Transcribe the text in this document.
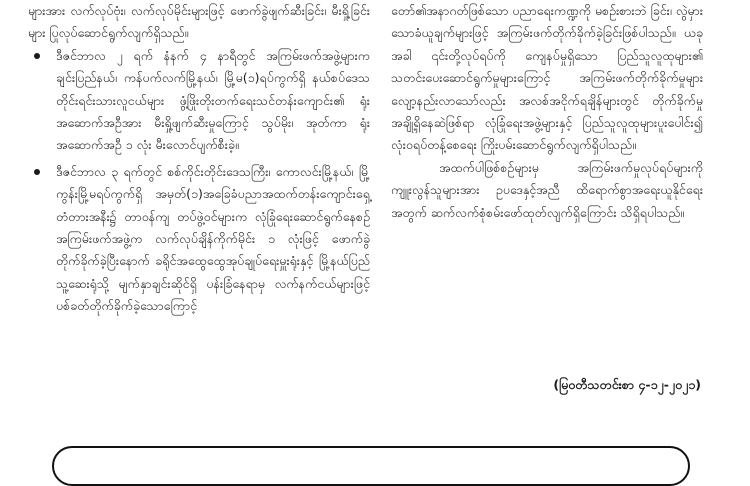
များအား လက်လုပ်ဗုံး၊ လက်လုပ်မိုင်းများဖြင့် ဖောက်ခွဲဖျက်ဆီးခြင်း၊ မီးရှို့ခြင်းများ ပြုလုပ်ဆောင်ရွက်လျက်ရှိသည်။

ဒီဇင်ဘာလ ၂ ရက် နံနက် ၄ နာရီတွင် အကြမ်းဖက်အဖွဲ့များက ချင်းပြည်နယ်၊ ကန်ပက်လက်မြို့နယ်၊ မြို့မ(၁)ရပ်ကွက်ရှိ နယ်စပ်ဒေသတိုင်းရင်းသားလူငယ်များ ဖွံ့ဖြိုးတိုးတက်ရေးသင်တန်းကျောင်း၏ ရုံးအဆောက်အဦအား မီးရှို့ဖျက်ဆီးမှုကြောင့် သွပ်မိုး၊ အုတ်ကာ ရုံးအဆောက်အဦ ၁ လုံး မီးလောင်ပျက်စီးခဲ့။
ဒီဇင်ဘာလ ၃ ရက်တွင် စစ်ကိုင်းတိုင်းဒေသကြီး၊ ကောလင်းမြို့နယ်၊ မြို့ကွန်းမြို့မရပ်ကွက်ရှိ အမှတ်(၁)အခြေခံပညာအထက်တန်းကျောင်းရှေ့ တံတားအနီး၌ တာဝန်ကျ တပ်ဖွဲ့ဝင်များက လုံခြုံရေးဆောင်ရွက်နေစဉ် အကြမ်းဖက်အဖွဲ့က လက်လုပ်ချိန်ကိုက်မိုင်း ၁ လုံးဖြင့် ဖောက်ခွဲတိုက်ခိုက်ခဲ့ပြီးနောက် ခရိုင်အထွေထွေအုပ်ချုပ်ရေးမှူးရုံးနှင့် မြို့နယ်ပြည်သူ့ဆေးရုံသို့ မျက်နှာချင်းဆိုင်ရှိ ပန်းခြံနေရာမှ လက်နက်ငယ်များဖြင့် ပစ်ခတ်တိုက်ခိုက်ခဲ့သောကြောင့်

တော်၏အနာဂတ်ဖြစ်သော ပညာရေးကဏ္ဍကို မစဉ်းစားဘဲ ခြင်း၊ လွဲမှားသောခံယူချက်များဖြင့် အကြမ်းဖက်တိုက်ခိုက်ခဲ့ခြင်းဖြစ်ပါသည်။ ယခုအခါ ၎င်းတို့လုပ်ရပ်ကို ကျေနပ်မှုရှိသော ပြည်သူလူထုများ၏ သတင်းပေးဆောင်ရွက်မှုများကြောင့် အကြမ်းဖက်တိုက်ခိုက်မှုများ လျော့နည်းလာသော်လည်း အလစ်အငိုက်ရချိန်များတွင် တိုက်ခိုက်မှုအချို့ရှိနေဆဲဖြစ်ရာ လုံခြုံရေးအဖွဲ့များနှင့် ပြည်သူလူထုများပူးပေါင်း၍ လုံးဝရပ်တန့်စေရေး ကြိုးပမ်းဆောင်ရွက်လျက်ရှိပါသည်။

အထက်ပါဖြစ်စဉ်များမှ အကြမ်းဖက်မှုလုပ်ရပ်များကို ကျူးလွန်သူများအား ဥပဒေနှင့်အညီ ထိရောက်စွာအရေးယူနိုင်ရေးအတွက် ဆက်လက်စုံစမ်းဖော်ထုတ်လျက်ရှိကြောင်း သိရှိရပါသည်။

(မြဝတီသတင်းစာ ၄-၁၂-၂၀၂၁)
